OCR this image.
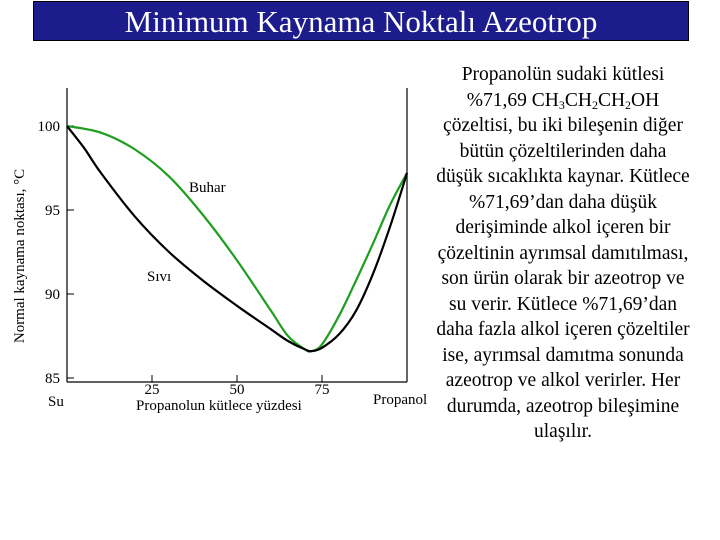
Minimum Kaynama Noktalı Azeotrop
100
95
90
85
25	50	75
Su	Propanol
Propanolun kütlece yüzdesi
Normal kaynama noktası, °C	Buhar
Sıvı
Propanolün sudaki kütlesi
%71,69 $CH_3CH_2CH_2OH$ çözeltisi, bu iki bileşenin diğer bütün çözeltilerinden daha düşük sıcaklıkta kaynar. Kütlece %71,69’dan daha düşük derişiminde alkol içeren bir çözeltinin ayrımsal damıtılması, son ürün olarak bir azeotrop ve su verir. Kütlece %71,69’dan daha fazla alkol içeren çözeltiler ise, ayrımsal damıtma sonunda azeotrop ve alkol verirler. Her durumda, azeotrop bileşimine ulaşılır.
